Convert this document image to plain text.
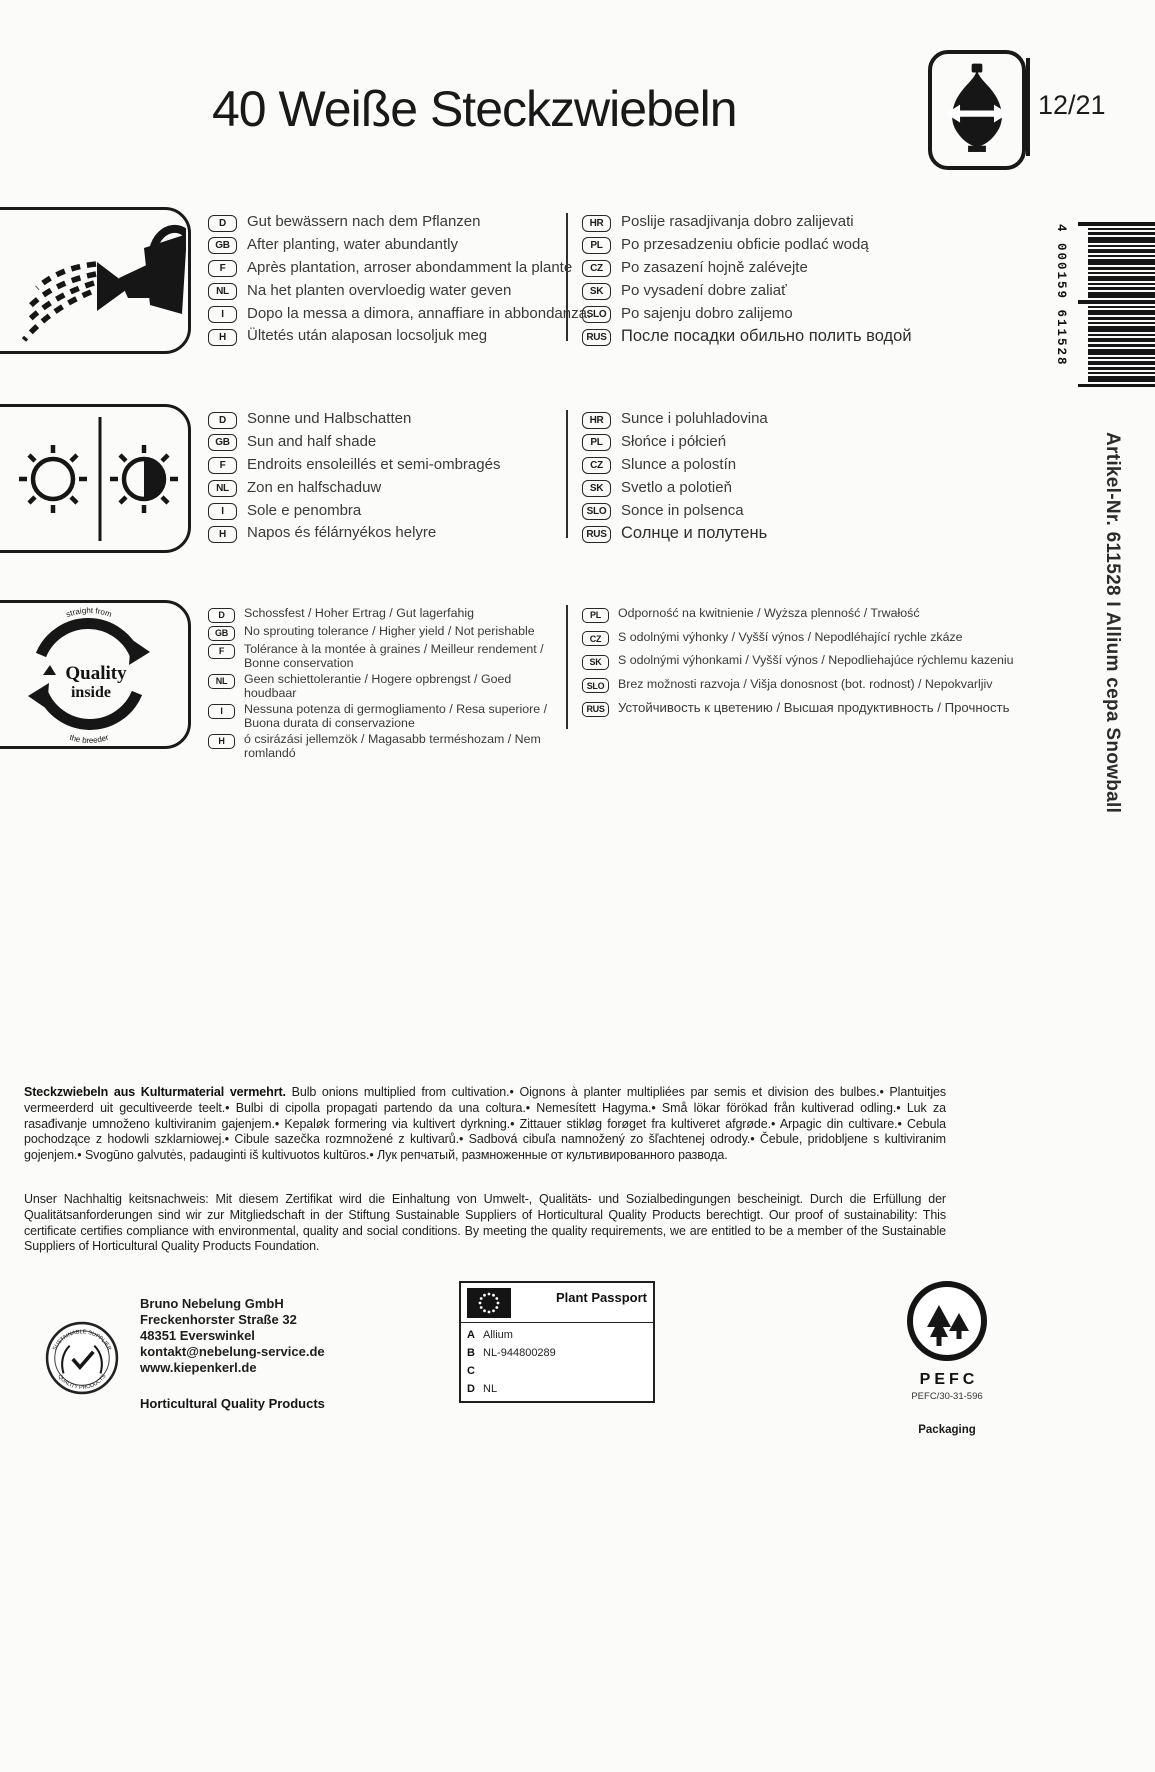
40 Weiße Steckzwiebeln	12/21
straight from
the breeder
Quality
inside
D	Gut bewässern nach dem Pflanzen
GB	After planting, water abundantly
F	Après plantation, arroser abondamment la plante
NL	Na het planten overvloedig water geven
I	Dopo la messa a dimora, annaffiare in abbondanza.
H	Ültetés után alaposan locsoljuk meg
HR	Poslije rasadjivanja dobro zalijevati
PL	Po przesadzeniu obficie podlać wodą
CZ	Po zasazení hojně zalévejte
SK	Po vysadení dobre zaliať
SLO Po sajenju dobro zalijemo
RUS После посадки обильно полить водой
D	Sonne und Halbschatten
GB	Sun and half shade
F	Endroits ensoleillés et semi-ombragés
NL	Zon en halfschaduw
I	Sole e penombra
H	Napos és félárnyékos helyre
HR	Sunce i poluhladovina
PL	Słońce i półcień
CZ	Slunce a polostín
SK	Svetlo a polotieň
SLO Sonce in polsenca
RUS Солнце и полутень
D	Schossfest / Hoher Ertrag / Gut lagerfahig
GB	No sprouting tolerance / Higher yield / Not perishable
F	Tolérance à la montée à graines / Meilleur rendement / Bonne conservation
NL	Geen schiettolerantie / Hogere opbrengst / Goed houdbaar
I	Nessuna potenza di germogliamento / Resa superiore / Buona durata di conservazione
H	ó csirázási jellemzök / Magasabb terméshozam / Nem romlandó
PL	Odporność na kwitnienie / Wyższa plenność / Trwałość
CZ	S odolnými výhonky / Vyšší výnos / Nepodléhající rychle zkáze
SK	S odolnými výhonkami / Vyšší výnos / Nepodliehajúce rýchlemu kazeniu
SLO	Brez možnosti razvoja / Višja donosnost (bot. rodnost) / Nepokvarljiv
RUS	Устойчивость к цветению / Высшая продуктивность / Прочность
4 000159 611528
Artikel-Nr. 611528 I Allium cepa Snowball
Steckzwiebeln aus Kulturmaterial vermehrt. Bulb onions multiplied from cultivation.• Oignons à planter multipliées par semis et division des bulbes.• Plantuitjes vermeerderd uit gecultiveerde teelt.• Bulbi di cipolla propagati partendo da una coltura.• Nemesített Hagyma.• Små lökar förökad från kultiverad odling.• Luk za rasađivanje umnoženo kultiviranim gajenjem.• Kepaløk formering via kultivert dyrkning.• Zittauer stikløg forøget fra kultiveret afgrøde.• Arpagic din cultivare.• Cebula pochodzące z hodowli szklarniowej.• Cibule sazečka rozmnožené z kultivarů.• Sadbová cibuľa namnožený zo šľachtenej odrody.• Čebule, pridobljene s kultiviranim gojenjem.• Svogūno galvutės, padauginti iš kultivuotos kultūros.• Лук репчатый, размноженные от культивированного развода.
Unser Nachhaltig keitsnachweis: Mit diesem Zertifikat wird die Einhaltung von Umwelt-, Qualitäts- und Sozialbedingungen bescheinigt. Durch die Erfüllung der Qualitätsanforderungen sind wir zur Mitgliedschaft in der Stiftung Sustainable Suppliers of Horticultural Quality Products berechtigt. Our proof of sustainability: This certificate certifies compliance with environmental, quality and social conditions. By meeting the quality requirements, we are entitled to be a member of the Sustainable Suppliers of Horticultural Quality Products Foundation.
SUSTAINABLE SUPPLIER
QUALITY PRODUCTS
Bruno Nebelung GmbH
Freckenhorster Straße 32
48351 Everswinkel
kontakt@nebelung-service.de
www.kiepenkerl.de
Horticultural Quality Products
Plant Passport
A Allium
B NL-944800289
C
D NL
PEFC
PEFC/30-31-596
Packaging
